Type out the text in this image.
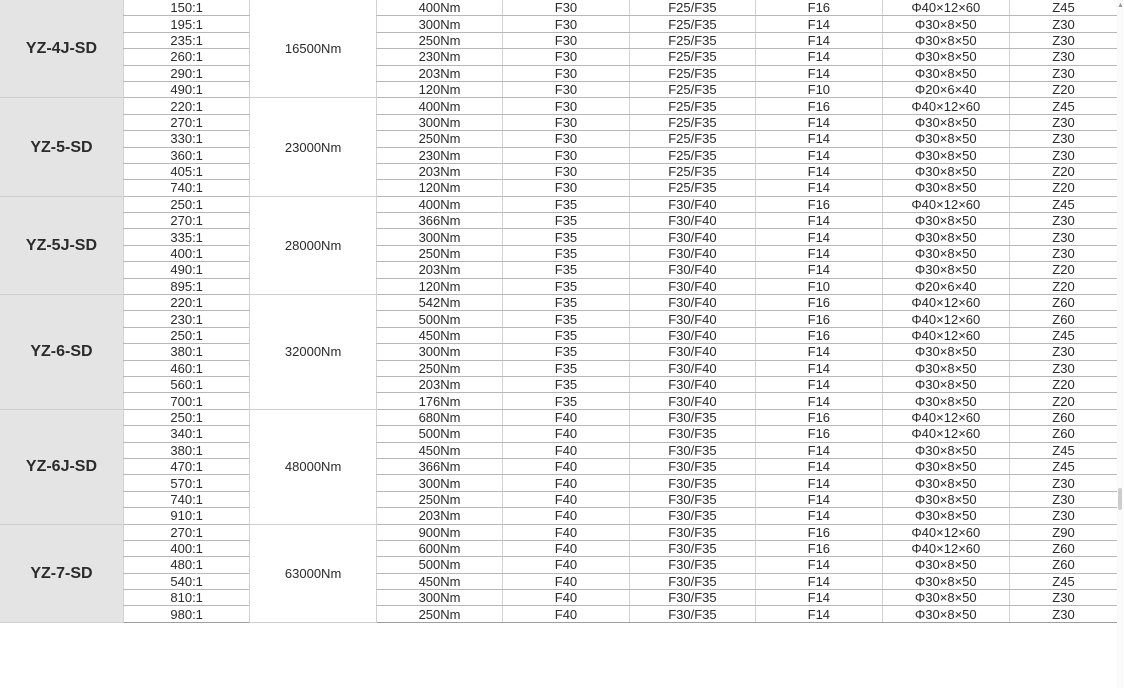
YZ-4J-SD	150:1	16500Nm	400Nm	F30	F25/F35	F16	Φ40×12×60	Z45
	195:1		300Nm	F30	F25/F35	F14	Φ30×8×50	Z30
	235:1		250Nm	F30	F25/F35	F14	Φ30×8×50	Z30
	260:1		230Nm	F30	F25/F35	F14	Φ30×8×50	Z30
	290:1		203Nm	F30	F25/F35	F14	Φ30×8×50	Z30
	490:1		120Nm	F30	F25/F35	F10	Φ20×6×40	Z20
YZ-5-SD	220:1	23000Nm	400Nm	F30	F25/F35	F16	Φ40×12×60	Z45
	270:1		300Nm	F30	F25/F35	F14	Φ30×8×50	Z30
	330:1		250Nm	F30	F25/F35	F14	Φ30×8×50	Z30
	360:1		230Nm	F30	F25/F35	F14	Φ30×8×50	Z30
	405:1		203Nm	F30	F25/F35	F14	Φ30×8×50	Z20
	740:1		120Nm	F30	F25/F35	F14	Φ30×8×50	Z20
YZ-5J-SD	250:1	28000Nm	400Nm	F35	F30/F40	F16	Φ40×12×60	Z45
	270:1		366Nm	F35	F30/F40	F14	Φ30×8×50	Z30
	335:1		300Nm	F35	F30/F40	F14	Φ30×8×50	Z30
	400:1		250Nm	F35	F30/F40	F14	Φ30×8×50	Z30
	490:1		203Nm	F35	F30/F40	F14	Φ30×8×50	Z20
	895:1		120Nm	F35	F30/F40	F10	Φ20×6×40	Z20
YZ-6-SD	220:1	32000Nm	542Nm	F35	F30/F40	F16	Φ40×12×60	Z60
	230:1		500Nm	F35	F30/F40	F16	Φ40×12×60	Z60
	250:1		450Nm	F35	F30/F40	F16	Φ40×12×60	Z45
	380:1		300Nm	F35	F30/F40	F14	Φ30×8×50	Z30
	460:1		250Nm	F35	F30/F40	F14	Φ30×8×50	Z30
	560:1		203Nm	F35	F30/F40	F14	Φ30×8×50	Z20
	700:1		176Nm	F35	F30/F40	F14	Φ30×8×50	Z20
YZ-6J-SD	250:1	48000Nm	680Nm	F40	F30/F35	F16	Φ40×12×60	Z60
	340:1		500Nm	F40	F30/F35	F16	Φ40×12×60	Z60
	380:1		450Nm	F40	F30/F35	F14	Φ30×8×50	Z45
	470:1		366Nm	F40	F30/F35	F14	Φ30×8×50	Z45
	570:1		300Nm	F40	F30/F35	F14	Φ30×8×50	Z30
	740:1		250Nm	F40	F30/F35	F14	Φ30×8×50	Z30
	910:1		203Nm	F40	F30/F35	F14	Φ30×8×50	Z30
YZ-7-SD	270:1	63000Nm	900Nm	F40	F30/F35	F16	Φ40×12×60	Z90
	400:1		600Nm	F40	F30/F35	F16	Φ40×12×60	Z60
	480:1		500Nm	F40	F30/F35	F14	Φ30×8×50	Z60
	540:1		450Nm	F40	F30/F35	F14	Φ30×8×50	Z45
	810:1		300Nm	F40	F30/F35	F14	Φ30×8×50	Z30
	980:1		250Nm	F40	F30/F35	F14	Φ30×8×50	Z30
▲
